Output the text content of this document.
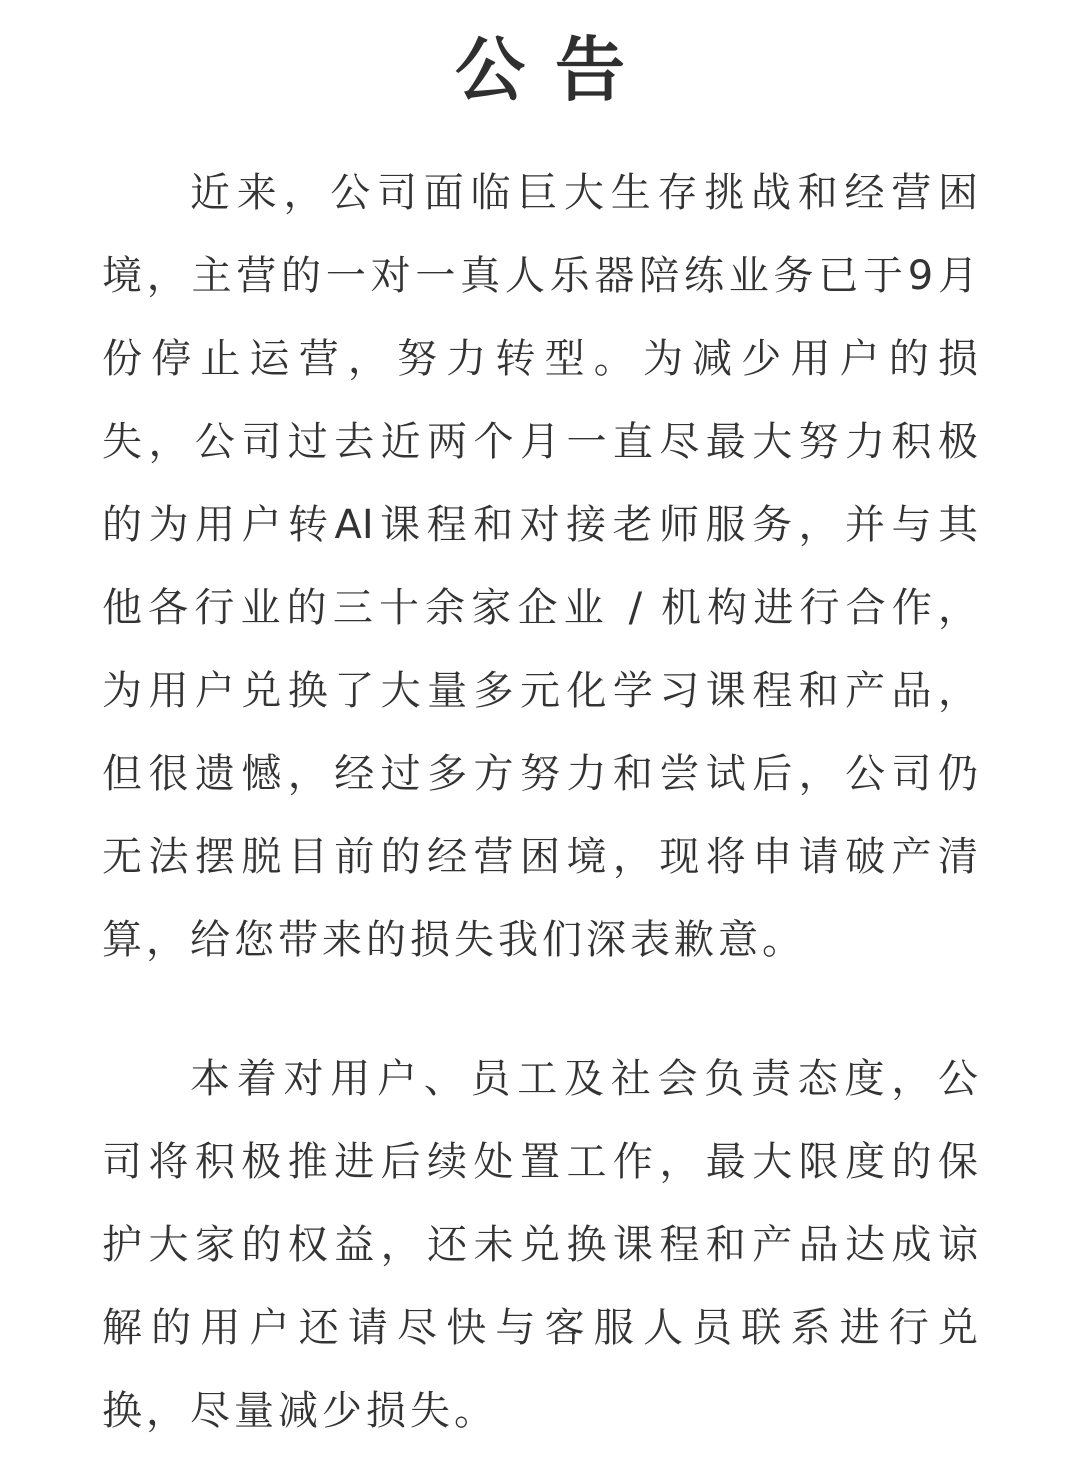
公告

近来，公司面临巨大生存挑战和经营困
境，主营的一对一真人乐器陪练业务已于9月
份停止运营，努力转型。为减少用户的损
失，公司过去近两个月一直尽最大努力积极
的为用户转AI课程和对接老师服务，并与其
他各行业的三十余家企业 / 机构进行合作，
为用户兑换了大量多元化学习课程和产品，
但很遗憾，经过多方努力和尝试后，公司仍
无法摆脱目前的经营困境，现将申请破产清
算，给您带来的损失我们深表歉意。

本着对用户、员工及社会负责态度，公
司将积极推进后续处置工作，最大限度的保
护大家的权益，还未兑换课程和产品达成谅
解的用户还请尽快与客服人员联系进行兑
换，尽量减少损失。
